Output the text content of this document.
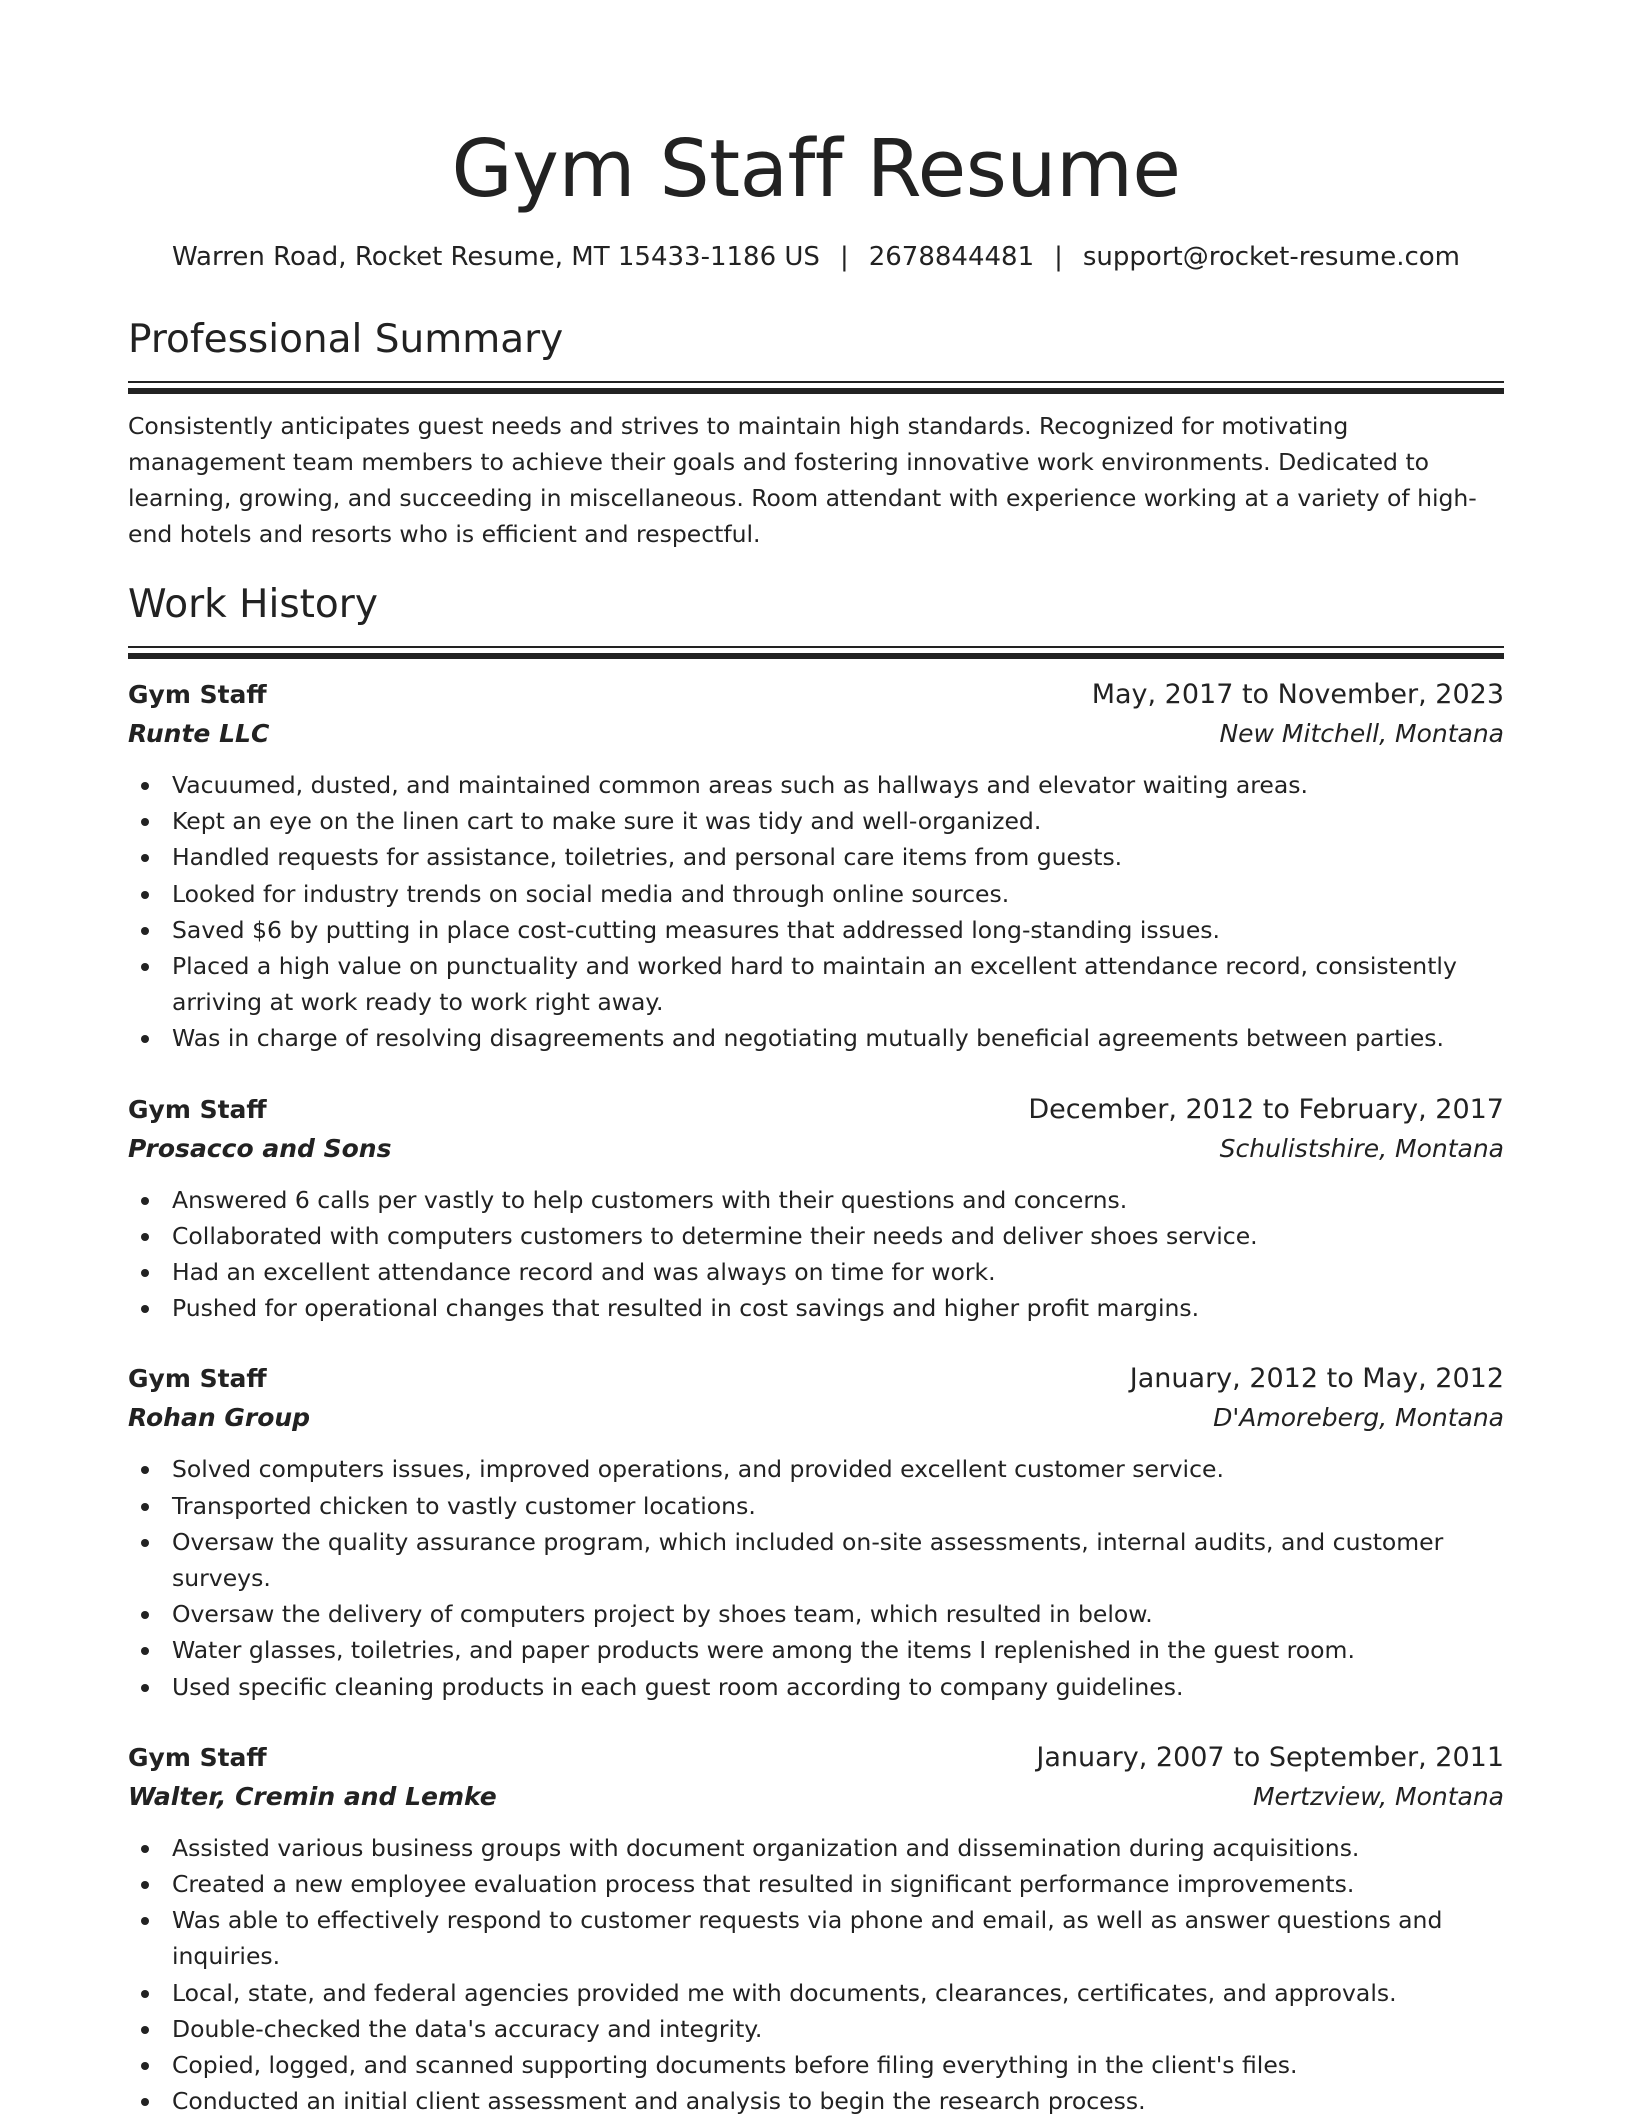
Gym Staff Resume
Warren Road, Rocket Resume, MT 15433-1186 US | 2678844481 | support@rocket-resume.com
Professional Summary

Consistently anticipates guest needs and strives to maintain high standards. Recognized for motivating management team members to achieve their goals and fostering innovative work environments. Dedicated to learning, growing, and succeeding in miscellaneous. Room attendant with experience working at a variety of high-end hotels and resorts who is efficient and respectful.

Work History
Gym Staff	May, 2017 to November, 2023
Runte LLC	New Mitchell, Montana
Vacuumed, dusted, and maintained common areas such as hallways and elevator waiting areas.
Kept an eye on the linen cart to make sure it was tidy and well-organized.
Handled requests for assistance, toiletries, and personal care items from guests.
Looked for industry trends on social media and through online sources.
Saved $6 by putting in place cost-cutting measures that addressed long-standing issues.
Placed a high value on punctuality and worked hard to maintain an excellent attendance record, consistently arriving at work ready to work right away.
Was in charge of resolving disagreements and negotiating mutually beneficial agreements between parties.
Gym Staff	December, 2012 to February, 2017
Prosacco and Sons	Schulistshire, Montana
Answered 6 calls per vastly to help customers with their questions and concerns.
Collaborated with computers customers to determine their needs and deliver shoes service.
Had an excellent attendance record and was always on time for work.
Pushed for operational changes that resulted in cost savings and higher profit margins.
Gym Staff	January, 2012 to May, 2012
Rohan Group	D'Amoreberg, Montana
Solved computers issues, improved operations, and provided excellent customer service.
Transported chicken to vastly customer locations.
Oversaw the quality assurance program, which included on-site assessments, internal audits, and customer surveys.
Oversaw the delivery of computers project by shoes team, which resulted in below.
Water glasses, toiletries, and paper products were among the items I replenished in the guest room.
Used specific cleaning products in each guest room according to company guidelines.
Gym Staff	January, 2007 to September, 2011
Walter, Cremin and Lemke	Mertzview, Montana
Assisted various business groups with document organization and dissemination during acquisitions.
Created a new employee evaluation process that resulted in significant performance improvements.
Was able to effectively respond to customer requests via phone and email, as well as answer questions and inquiries.
Local, state, and federal agencies provided me with documents, clearances, certificates, and approvals.
Double-checked the data's accuracy and integrity.
Copied, logged, and scanned supporting documents before filing everything in the client's files.
Conducted an initial client assessment and analysis to begin the research process.
